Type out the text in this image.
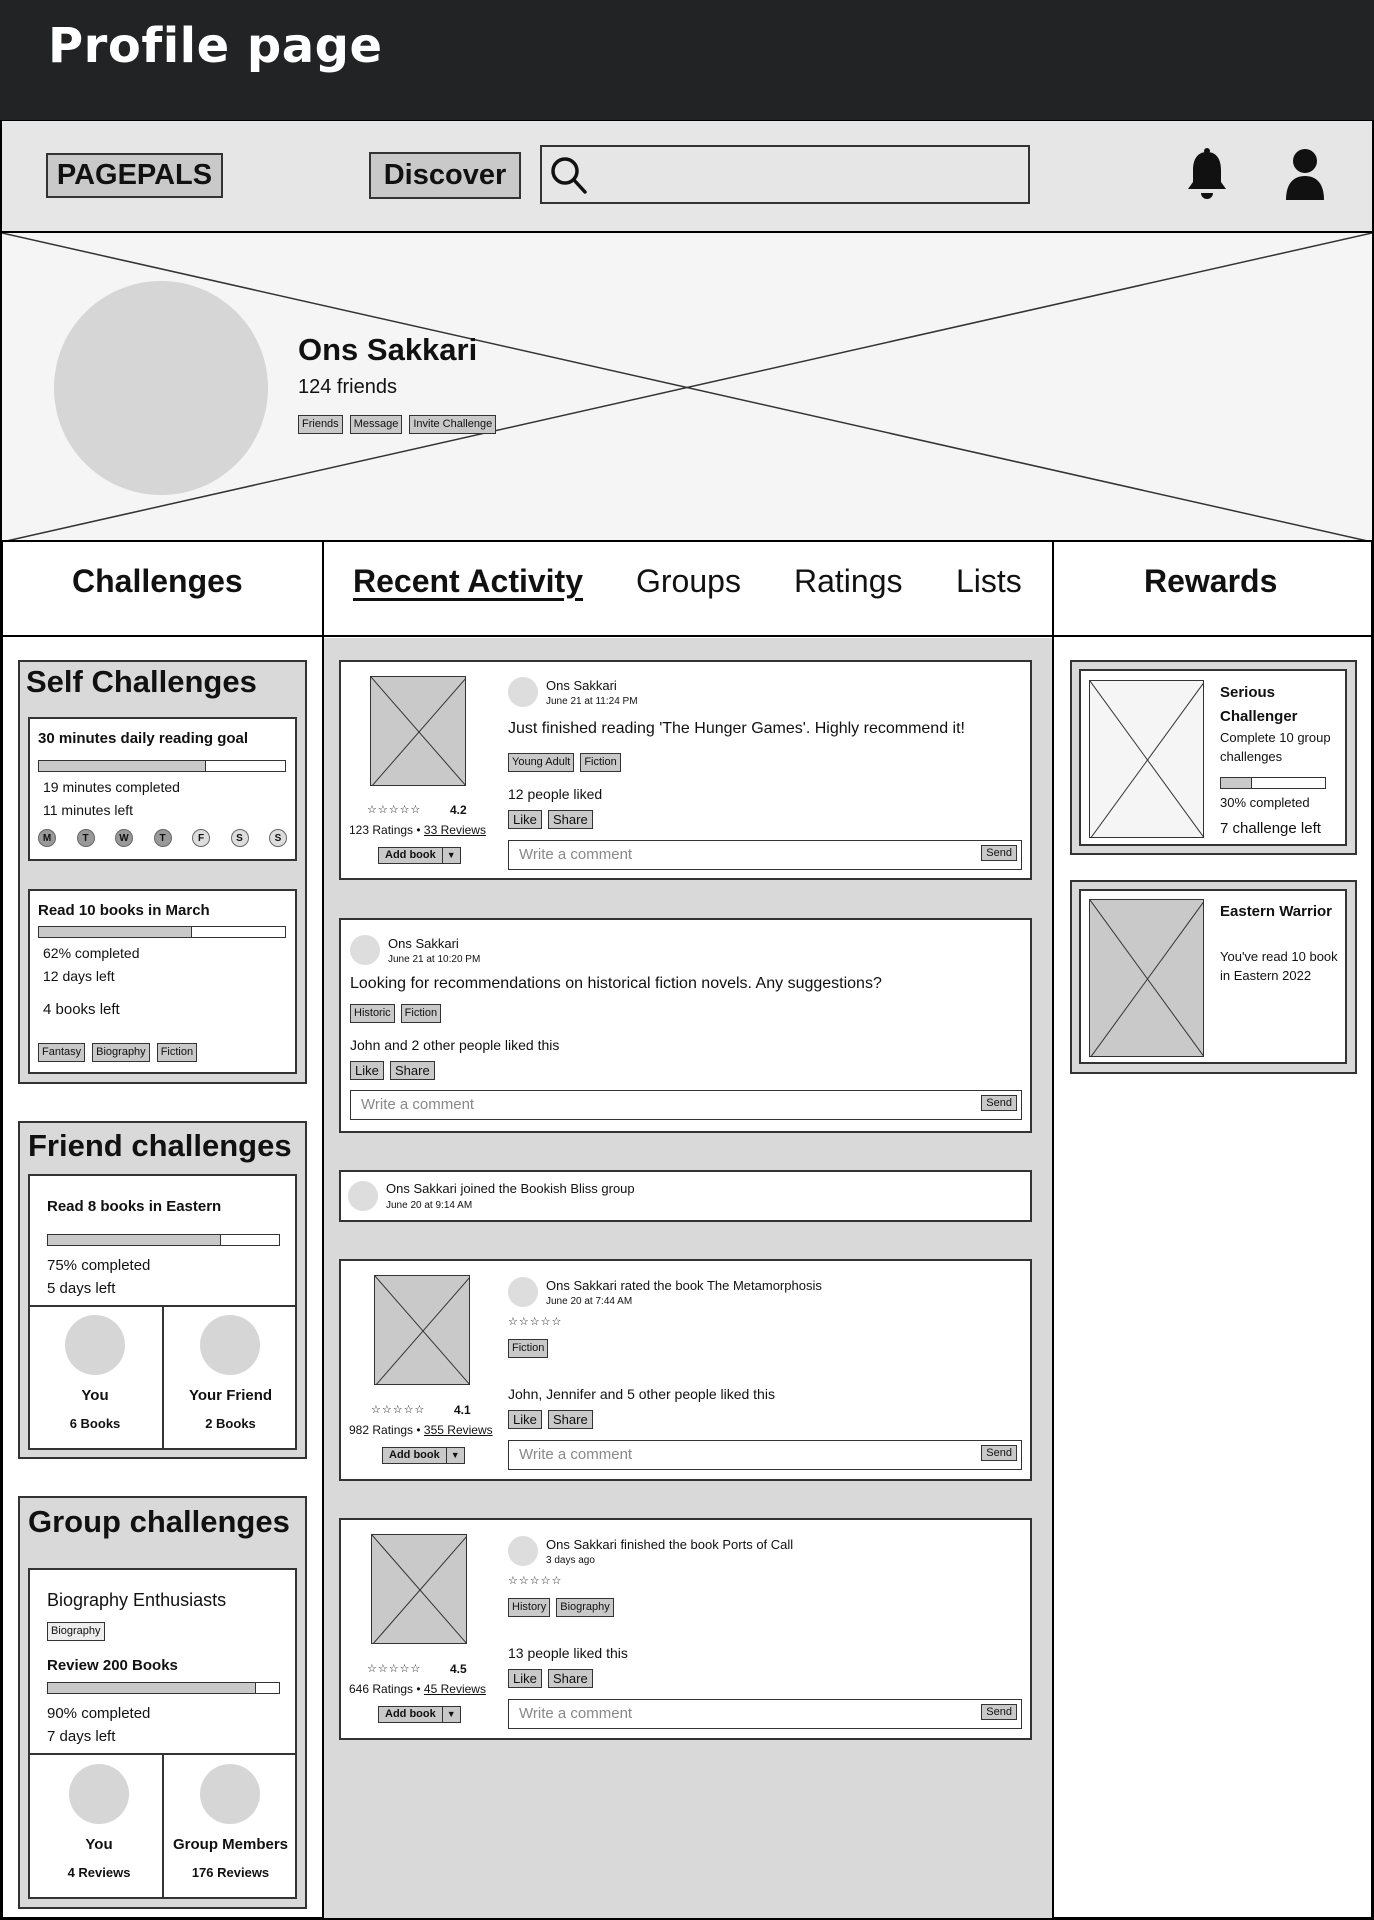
Profile page
PAGEPALS	Discover
Ons Sakkari
124 friends
Friends	Message	Invite Challenge
Challenges	Recent Activity Groups Ratings Lists	Rewards
Self Challenges
30 minutes daily reading goal
19 minutes completed
11 minutes left
M	T	W	T	F	S	S
Read 10 books in March
62% completed
12 days left
4 books left
Fantasy	Biography	Fiction
Friend challenges
Read 8 books in Eastern
75% completed
5 days left
You	Your Friend
6 Books	2 Books
Group challenges
Biography Enthusiasts
Biography
Review 200 Books
90% completed
7 days left
You	Group Members
4 Reviews	176 Reviews
☆☆☆☆☆ 4.2
123 Ratings • 33 Reviews
Add book	▼
Ons Sakkari
June 21 at 11:24 PM
Just finished reading 'The Hunger Games'. Highly recommend it!
Young Adult	Fiction
12 people liked
Like	Share
Write a comment	Send
Ons Sakkari
June 21 at 10:20 PM
Looking for recommendations on historical fiction novels. Any suggestions?
Historic	Fiction
John and 2 other people liked this
Like	Share
Write a comment	Send
Ons Sakkari joined the Bookish Bliss group
June 20 at 9:14 AM
☆☆☆☆☆ 4.1
982 Ratings • 355 Reviews
Add book	▼
Ons Sakkari rated the book The Metamorphosis
June 20 at 7:44 AM
☆☆☆☆☆
Fiction
John, Jennifer and 5 other people liked this
Like	Share
Write a comment	Send
☆☆☆☆☆ 4.5
646 Ratings • 45 Reviews
Add book	▼
Ons Sakkari finished the book Ports of Call
3 days ago
☆☆☆☆☆
History	Biography
13 people liked this
Like	Share
Write a comment	Send
Serious Challenger
Complete 10 group challenges
30% completed
7 challenge left
Eastern Warrior
You've read 10 book in Eastern 2022
